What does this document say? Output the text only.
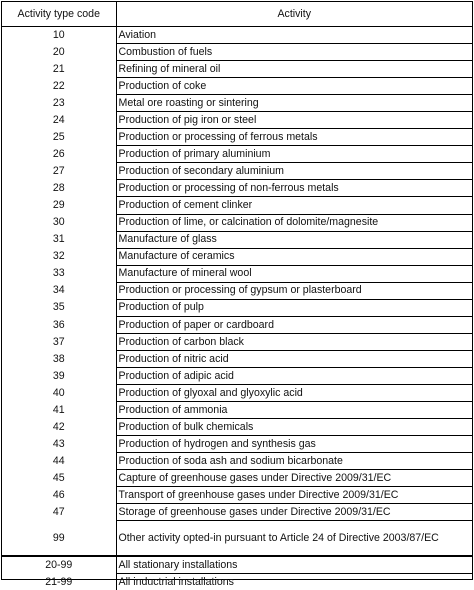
Activity type code	Activity
10	Aviation
20	Combustion of fuels
21	Refining of mineral oil
22	Production of coke
23	Metal ore roasting or sintering
24	Production of pig iron or steel
25	Production or processing of ferrous metals
26	Production of primary aluminium
27	Production of secondary aluminium
28	Production or processing of non-ferrous metals
29	Production of cement clinker
30	Production of lime, or calcination of dolomite/magnesite
31	Manufacture of glass
32	Manufacture of ceramics
33	Manufacture of mineral wool
34	Production or processing of gypsum or plasterboard
35	Production of pulp
36	Production of paper or cardboard
37	Production of carbon black
38	Production of nitric acid
39	Production of adipic acid
40	Production of glyoxal and glyoxylic acid
41	Production of ammonia
42	Production of bulk chemicals
43	Production of hydrogen and synthesis gas
44	Production of soda ash and sodium bicarbonate
45	Capture of greenhouse gases under Directive 2009/31/EC
46	Transport of greenhouse gases under Directive 2009/31/EC
47	Storage of greenhouse gases under Directive 2009/31/EC
99	Other activity opted-in pursuant to Article 24 of Directive 2003/87/EC
20-99	All stationary installations
21-99	All inductrial installations
